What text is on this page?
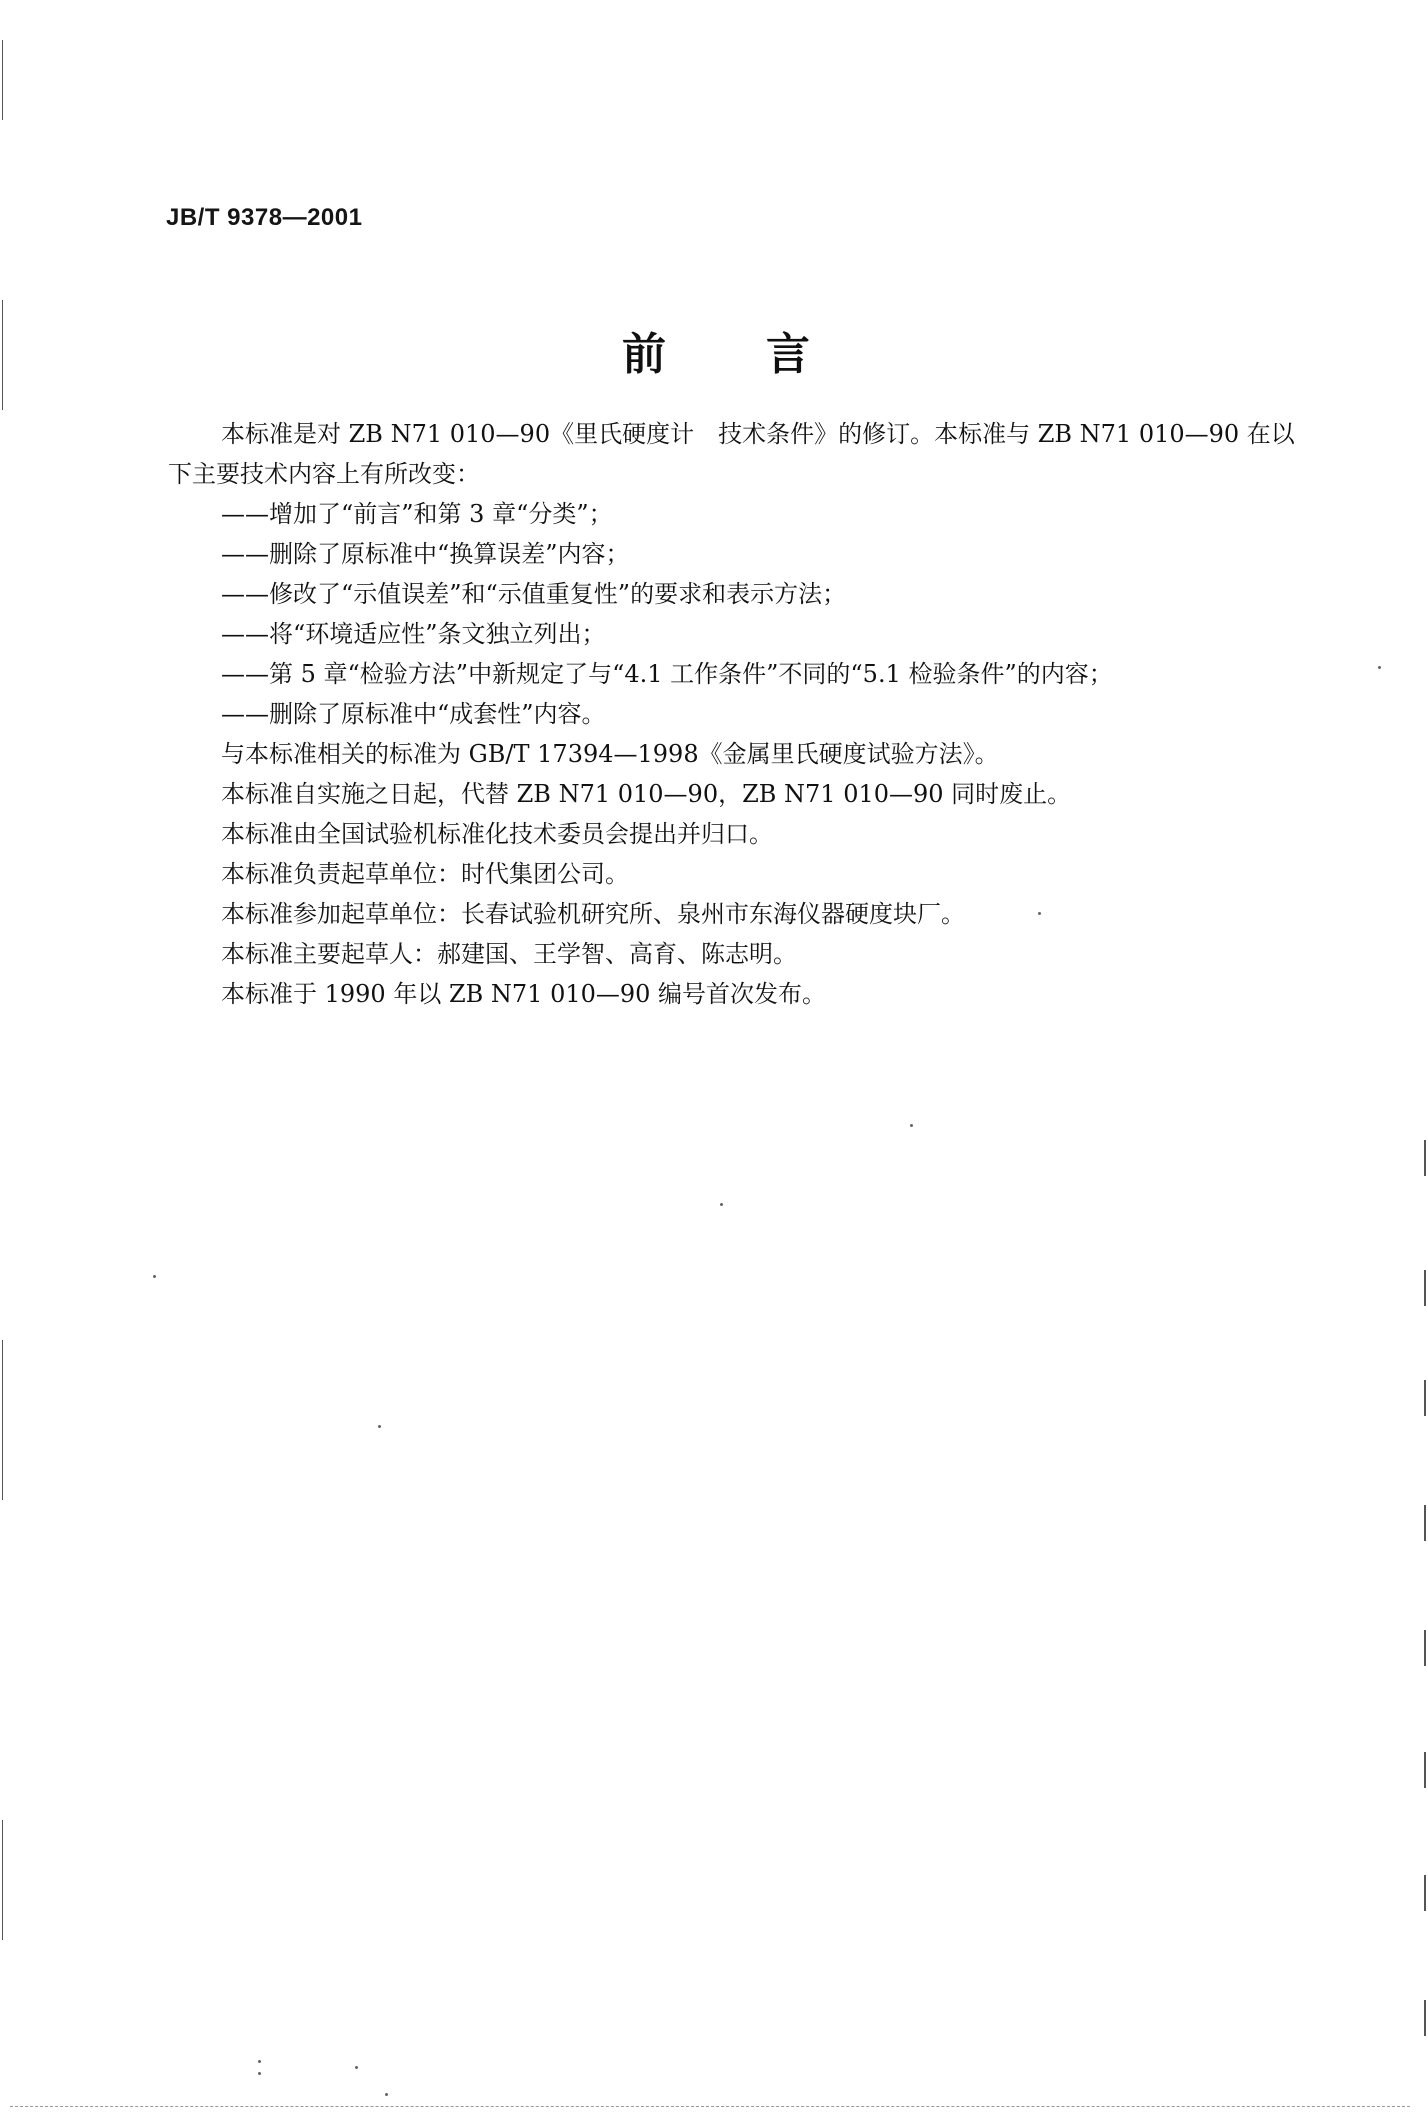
JB/T 9378—2001
前　言

本标准是对 ZB N71 010—90《里氏硬度计　技术条件》的修订。本标准与 ZB N71 010—90 在以下主要技术内容上有所改变：

——增加了“前言”和第 3 章“分类”；

——删除了原标准中“换算误差”内容；

——修改了“示值误差”和“示值重复性”的要求和表示方法；

——将“环境适应性”条文独立列出；

——第 5 章“检验方法”中新规定了与“4.1 工作条件”不同的“5.1 检验条件”的内容；

——删除了原标准中“成套性”内容。

与本标准相关的标准为 GB/T 17394—1998《金属里氏硬度试验方法》。

本标准自实施之日起，代替 ZB N71 010—90，ZB N71 010—90 同时废止。

本标准由全国试验机标准化技术委员会提出并归口。

本标准负责起草单位：时代集团公司。

本标准参加起草单位：长春试验机研究所、泉州市东海仪器硬度块厂。

本标准主要起草人：郝建国、王学智、高育、陈志明。

本标准于 1990 年以 ZB N71 010—90 编号首次发布。
